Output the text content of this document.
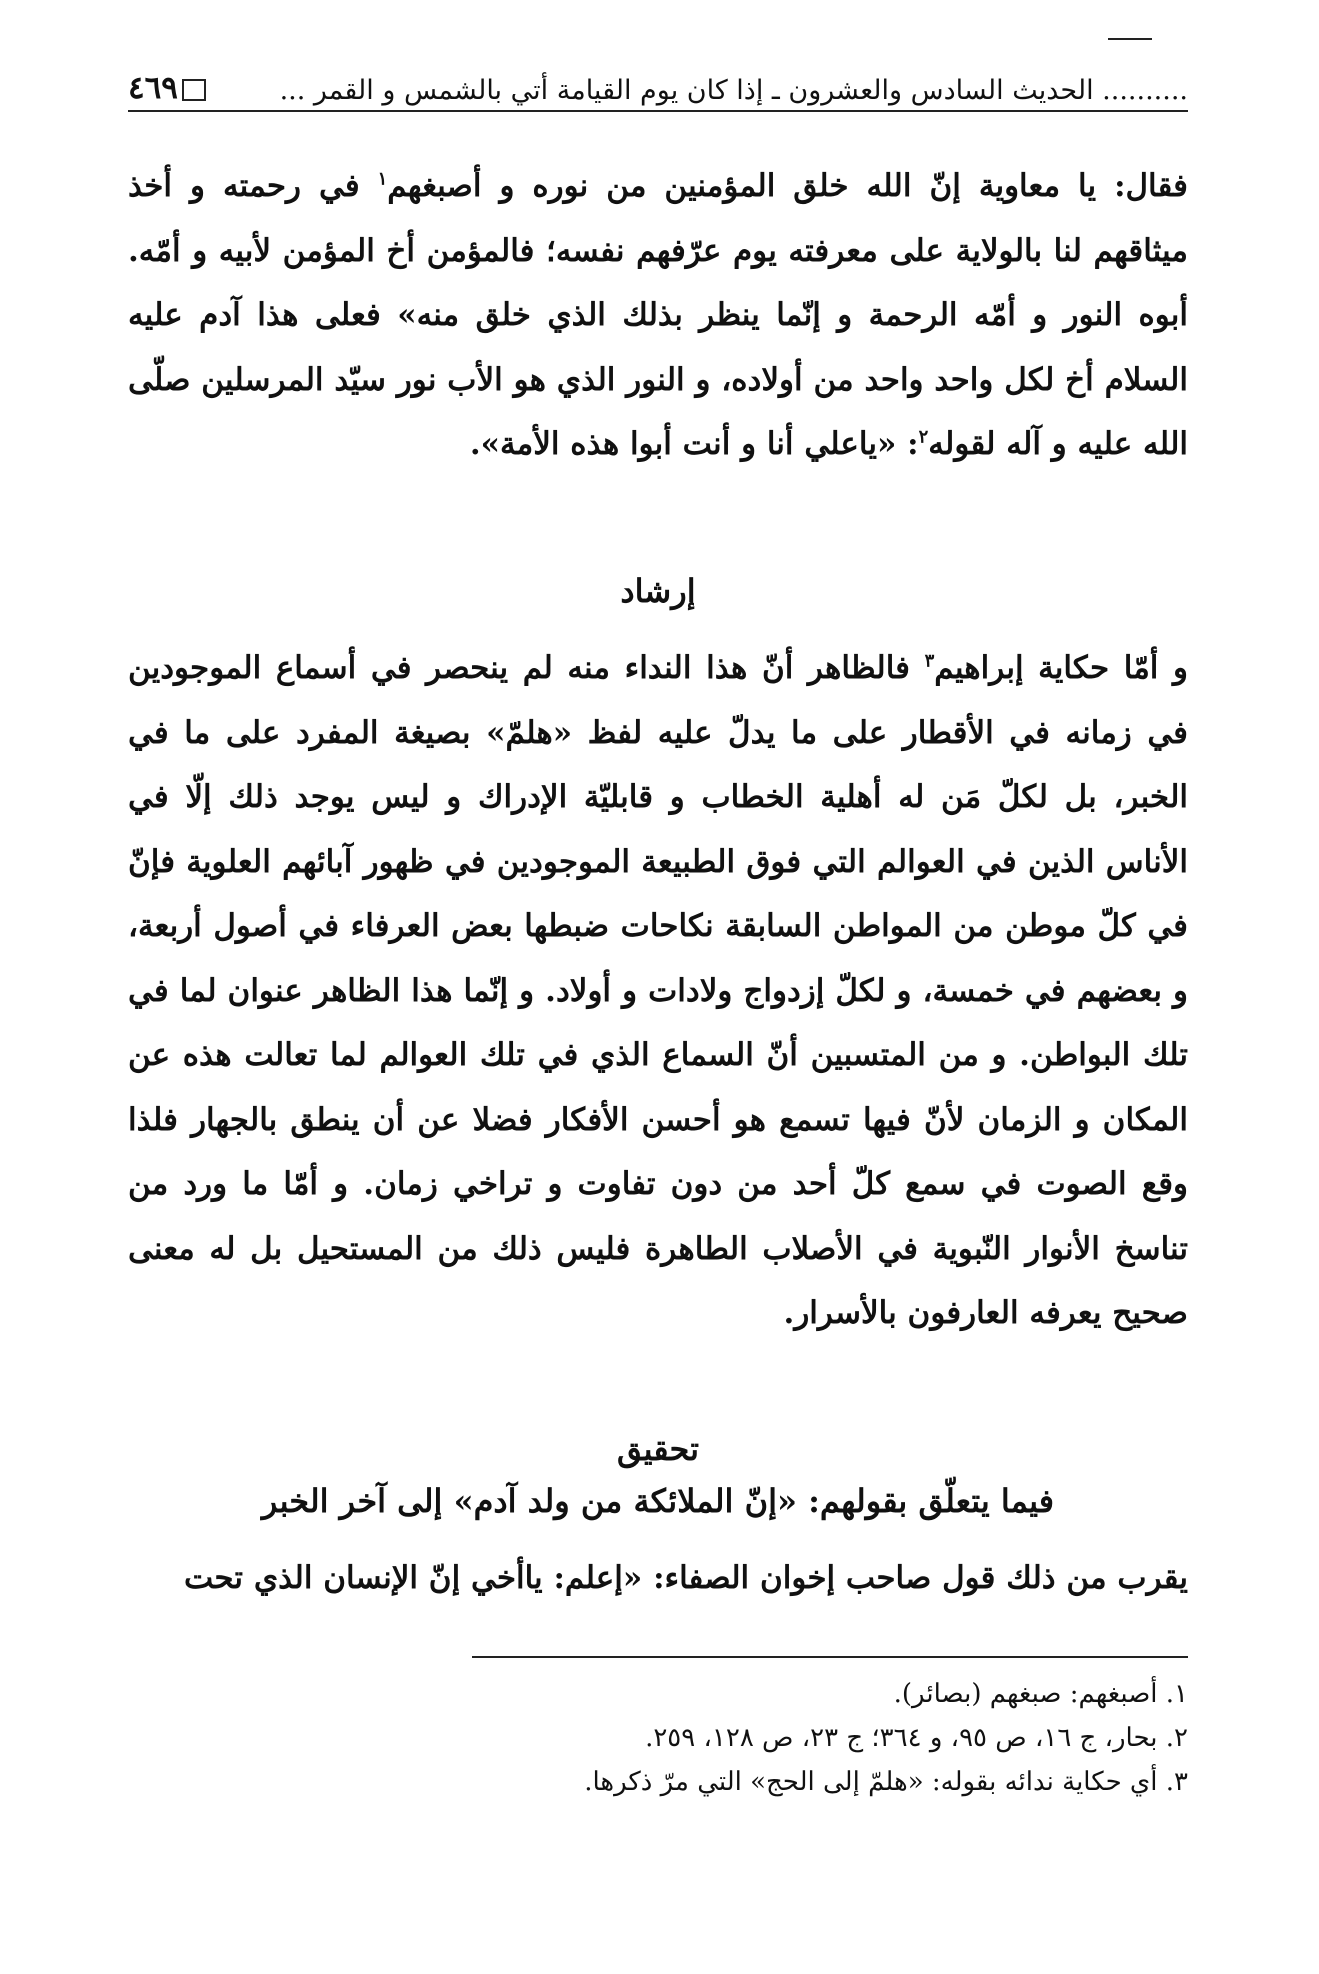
.......... الحديث السادس والعشرون ـ إذا كان يوم القيامة أتي بالشمس و القمر ...
٤٦٩
فقال: يا معاوية إنّ الله خلق المؤمنين من نوره و أصبغهم$^١$ في رحمته و أخذ ميثاقهم لنا بالولاية على معرفته يوم عرّفهم نفسه؛ فالمؤمن أخ المؤمن لأبيه و أمّه. أبوه النور و أمّه الرحمة و إنّما ينظر بذلك الذي خلق منه» فعلى هذا آدم عليه السلام أخ لكل واحد واحد من أولاده، و النور الذي هو الأب نور سيّد المرسلين صلّى الله عليه و آله لقوله$^٢$: «ياعلي أنا و أنت أبوا هذه الأمة».
إرشاد
و أمّا حكاية إبراهيم$^٣$ فالظاهر أنّ هذا النداء منه لم ينحصر في أسماع الموجودين في زمانه في الأقطار على ما يدلّ عليه لفظ «هلمّ» بصيغة المفرد على ما في الخبر، بل لكلّ مَن له أهلية الخطاب و قابليّة الإدراك و ليس يوجد ذلك إلّا في الأناس الذين في العوالم التي فوق الطبيعة الموجودين في ظهور آبائهم العلوية فإنّ في كلّ موطن من المواطن السابقة نكاحات ضبطها بعض العرفاء في أصول أربعة، و بعضهم في خمسة، و لكلّ إزدواج ولادات و أولاد. و إنّما هذا الظاهر عنوان لما في تلك البواطن. و من المتسبين أنّ السماع الذي في تلك العوالم لما تعالت هذه عن المكان و الزمان لأنّ فيها تسمع هو أحسن الأفكار فضلا عن أن ينطق بالجهار فلذا وقع الصوت في سمع كلّ أحد من دون تفاوت و تراخي زمان. و أمّا ما ورد من تناسخ الأنوار النّبوية في الأصلاب الطاهرة فليس ذلك من المستحيل بل له معنى صحيح يعرفه العارفون بالأسرار.
تحقيق
فيما يتعلّق بقولهم: «إنّ الملائكة من ولد آدم» إلى آخر الخبر
يقرب من ذلك قول صاحب إخوان الصفاء: «إعلم: ياأخي إنّ الإنسان الذي تحت
١. أصبغهم: صبغهم (بصائر).
٢. بحار، ج ١٦، ص ٩٥، و ٣٦٤؛ ج ٢٣، ص ١٢٨، ٢٥٩.
٣. أي حكاية ندائه بقوله: «هلمّ إلى الحج» التي مرّ ذكرها.
